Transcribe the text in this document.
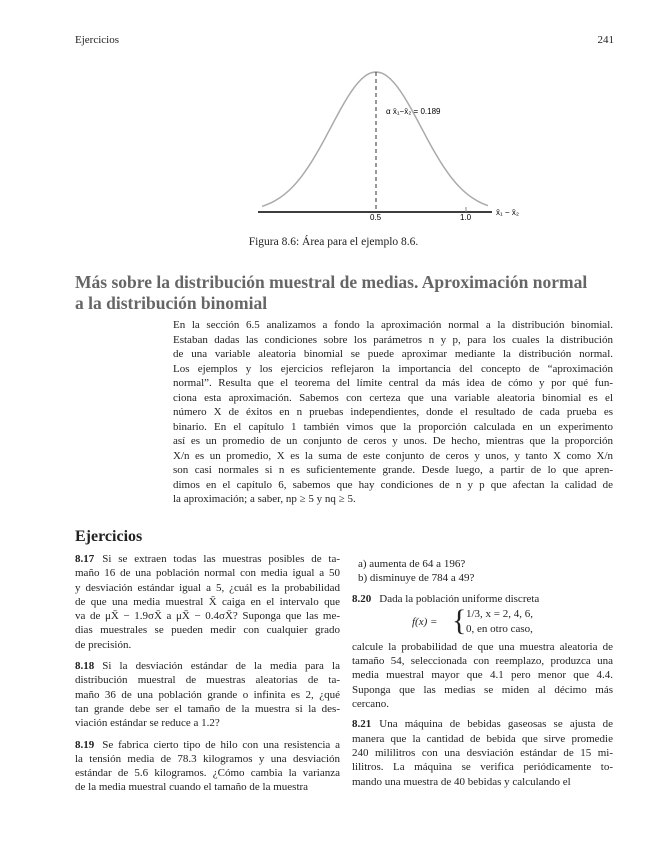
Ejercicios	241
0.5	1.0
x̄₁ − x̄₂
α x̄₁−x̄₂ = 0.189
Figura 8.6: Área para el ejemplo 8.6.
Más sobre la distribución muestral de medias. Aproximación normal
a la distribución binomial
En la sección 6.5 analizamos a fondo la aproximación normal a la distribución binomial.
Estaban dadas las condiciones sobre los parámetros n y p, para los cuales la distribución
de una variable aleatoria binomial se puede aproximar mediante la distribución normal.
Los ejemplos y los ejercicios reflejaron la importancia del concepto de “aproximación
normal”. Resulta que el teorema del límite central da más idea de cómo y por qué fun-
ciona esta aproximación. Sabemos con certeza que una variable aleatoria binomial es el
número X de éxitos en n pruebas independientes, donde el resultado de cada prueba es
binario. En el capítulo 1 también vimos que la proporción calculada en un experimento
así es un promedio de un conjunto de ceros y unos. De hecho, mientras que la proporción
X/n es un promedio, X es la suma de este conjunto de ceros y unos, y tanto X como X/n
son casi normales si n es suficientemente grande. Desde luego, a partir de lo que apren-
dimos en el capítulo 6, sabemos que hay condiciones de n y p que afectan la calidad de
la aproximación; a saber, np ≥ 5 y nq ≥ 5.
Ejercicios
8.17 Si se extraen todas las muestras posibles de ta-
maño 16 de una población normal con media igual a 50
y desviación estándar igual a 5, ¿cuál es la probabilidad
de que una media muestral X̄ caiga en el intervalo que
va de μX̄ − 1.9σX̄ a μX̄ − 0.4σX̄? Suponga que las me-
dias muestrales se pueden medir con cualquier grado
de precisión.
8.18 Si la desviación estándar de la media para la
distribución muestral de muestras aleatorias de ta-
maño 36 de una población grande o infinita es 2, ¿qué
tan grande debe ser el tamaño de la muestra si la des-
viación estándar se reduce a 1.2?
8.19 Se fabrica cierto tipo de hilo con una resistencia a
la tensión media de 78.3 kilogramos y una desviación
estándar de 5.6 kilogramos. ¿Cómo cambia la varianza
de la media muestral cuando el tamaño de la muestra
a) aumenta de 64 a 196?
b) disminuye de 784 a 49?
8.20 Dada la población uniforme discreta
f(x) = { 1/3, x = 2, 4, 6,
0, en otro caso,
calcule la probabilidad de que una muestra aleatoria de
tamaño 54, seleccionada con reemplazo, produzca una
media muestral mayor que 4.1 pero menor que 4.4.
Suponga que las medias se miden al décimo más
cercano.
8.21 Una máquina de bebidas gaseosas se ajusta de
manera que la cantidad de bebida que sirve promedie
240 mililitros con una desviación estándar de 15 mi-
lilitros. La máquina se verifica periódicamente to-
mando una muestra de 40 bebidas y calculando el
